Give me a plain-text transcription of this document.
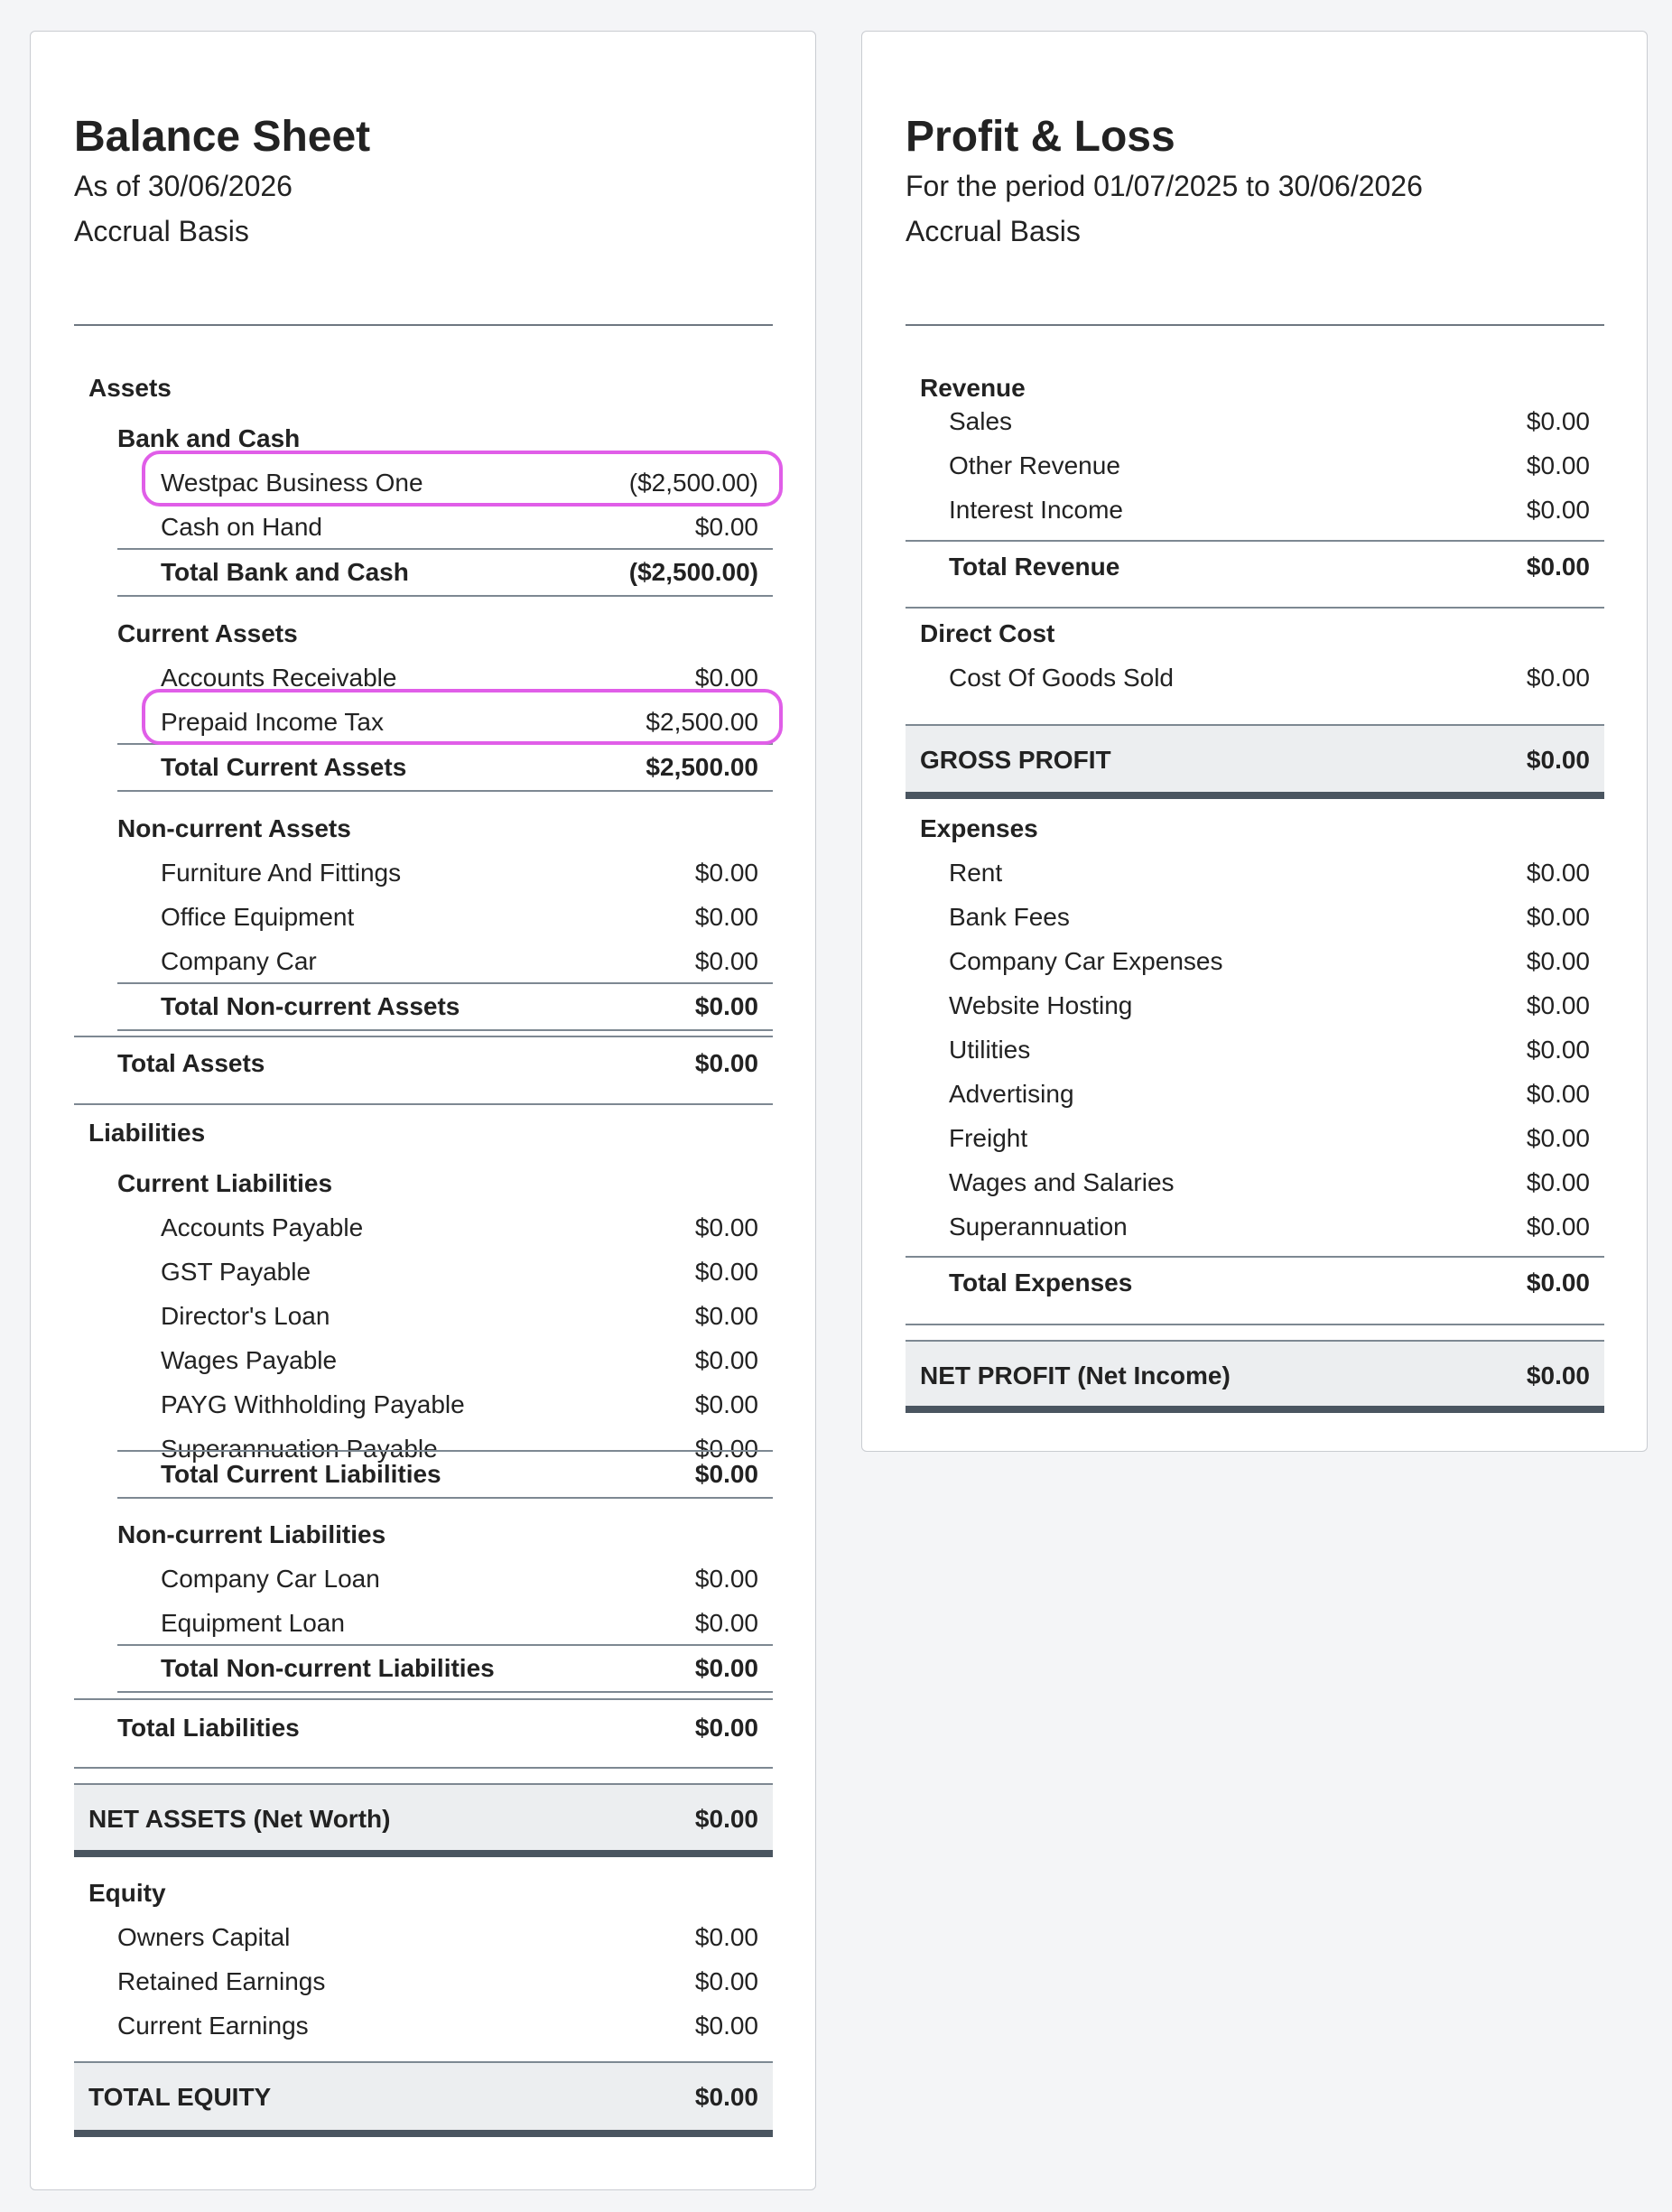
Balance Sheet
As of 30/06/2026
Accrual Basis
Assets
Bank and Cash
Westpac Business One	($2,500.00)
Cash on Hand	$0.00
Total Bank and Cash	($2,500.00)
Current Assets
Accounts Receivable	$0.00
Prepaid Income Tax	$2,500.00
Total Current Assets	$2,500.00
Non-current Assets
Furniture And Fittings	$0.00
Office Equipment	$0.00
Company Car	$0.00
Total Non-current Assets	$0.00
Total Assets	$0.00
Liabilities
Current Liabilities
Accounts Payable	$0.00
GST Payable	$0.00
Director's Loan	$0.00
Wages Payable	$0.00
PAYG Withholding Payable	$0.00
Superannuation Payable	$0.00
Total Current Liabilities	$0.00
Non-current Liabilities
Company Car Loan	$0.00
Equipment Loan	$0.00
Total Non-current Liabilities	$0.00
Total Liabilities	$0.00
NET ASSETS (Net Worth)	$0.00
Equity
Owners Capital	$0.00
Retained Earnings	$0.00
Current Earnings	$0.00
TOTAL EQUITY	$0.00
Profit & Loss
For the period 01/07/2025 to 30/06/2026
Accrual Basis
Revenue
Sales	$0.00
Other Revenue	$0.00
Interest Income	$0.00
Total Revenue	$0.00
Direct Cost
Cost Of Goods Sold	$0.00
GROSS PROFIT	$0.00
Expenses
Rent	$0.00
Bank Fees	$0.00
Company Car Expenses	$0.00
Website Hosting	$0.00
Utilities	$0.00
Advertising	$0.00
Freight	$0.00
Wages and Salaries	$0.00
Superannuation	$0.00
Total Expenses	$0.00
NET PROFIT (Net Income)	$0.00
